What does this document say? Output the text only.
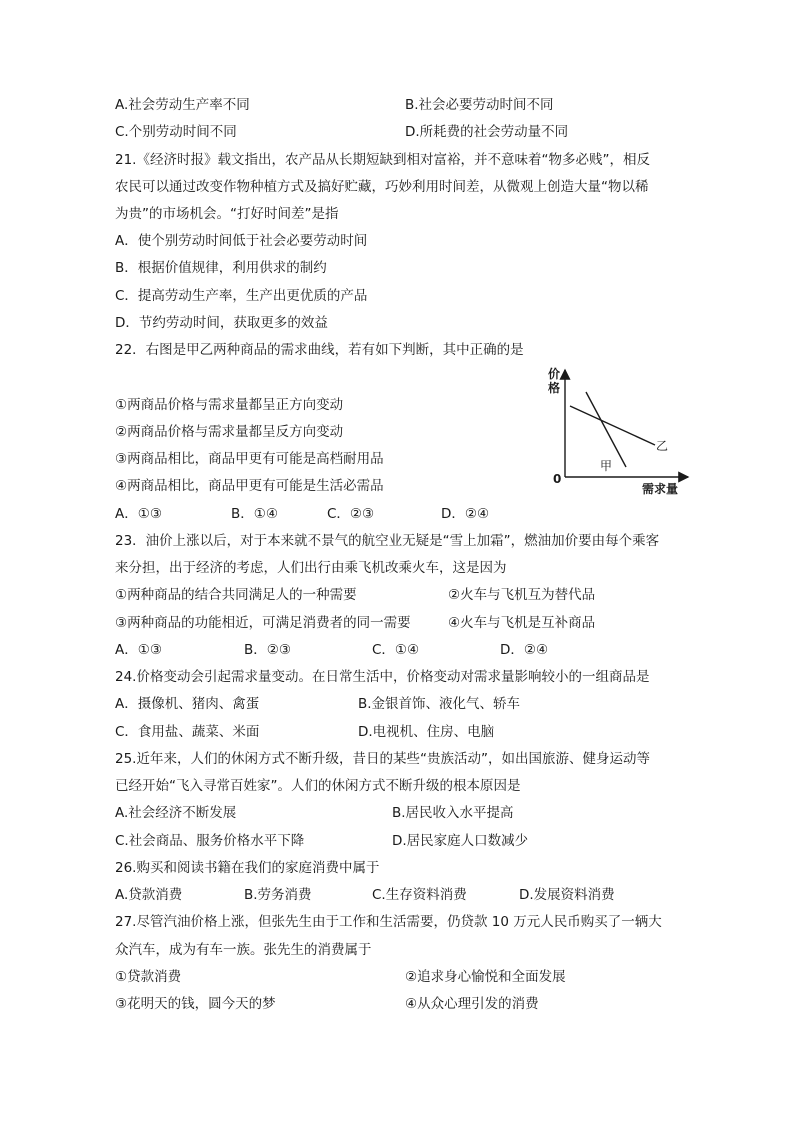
A.社会劳动生产率不同	B.社会必要劳动时间不同
C.个别劳动时间不同	D.所耗费的社会劳动量不同
21.《经济时报》载文指出，农产品从长期短缺到相对富裕，并不意味着“物多必贱”，相反
农民可以通过改变作物种植方式及搞好贮藏，巧妙利用时间差，从微观上创造大量“物以稀
为贵”的市场机会。“打好时间差”是指
A．使个别劳动时间低于社会必要劳动时间
B．根据价值规律，利用供求的制约
C．提高劳动生产率，生产出更优质的产品
D．节约劳动时间，获取更多的效益
22．右图是甲乙两种商品的需求曲线，若有如下判断，其中正确的是
①两商品价格与需求量都呈正方向变动
②两商品价格与需求量都呈反方向变动
③两商品相比，商品甲更有可能是高档耐用品
④两商品相比，商品甲更有可能是生活必需品
A．①③	B．①④	C．②③	D．②④
价
格
0
需求量
甲
乙
23．油价上涨以后，对于本来就不景气的航空业无疑是“雪上加霜”，燃油加价要由每个乘客
来分担，出于经济的考虑，人们出行由乘飞机改乘火车，这是因为
①两种商品的结合共同满足人的一种需要	②火车与飞机互为替代品
③两种商品的功能相近，可满足消费者的同一需要	④火车与飞机是互补商品
A．①③	B．②③	C．①④	D．②④
24.价格变动会引起需求量变动。在日常生活中，价格变动对需求量影响较小的一组商品是
A．摄像机、猪肉、禽蛋	B.金银首饰、液化气、轿车
C．食用盐、蔬菜、米面	D.电视机、住房、电脑
25.近年来，人们的休闲方式不断升级，昔日的某些“贵族活动”，如出国旅游、健身运动等
已经开始“飞入寻常百姓家”。人们的休闲方式不断升级的根本原因是
A.社会经济不断发展	B.居民收入水平提高
C.社会商品、服务价格水平下降	D.居民家庭人口数减少
26.购买和阅读书籍在我们的家庭消费中属于
A.贷款消费	B.劳务消费	C.生存资料消费	D.发展资料消费
27.尽管汽油价格上涨，但张先生由于工作和生活需要，仍贷款 10 万元人民币购买了一辆大
众汽车，成为有车一族。张先生的消费属于
①贷款消费	②追求身心愉悦和全面发展
③花明天的钱，圆今天的梦	④从众心理引发的消费
